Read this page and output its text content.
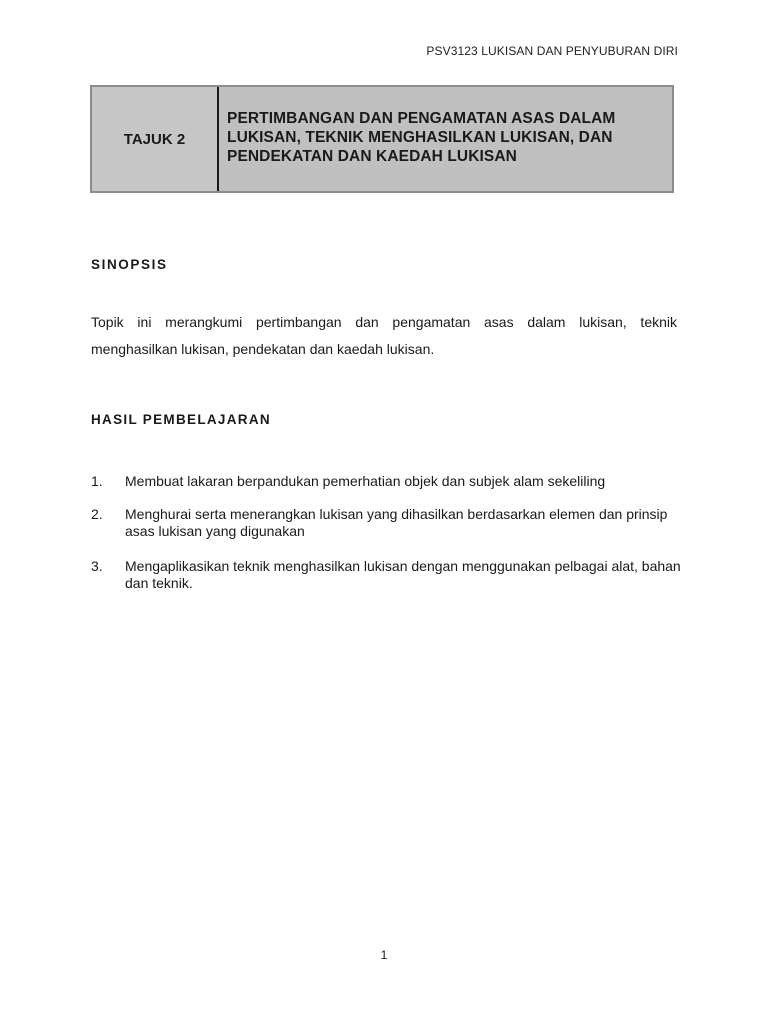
PSV3123 LUKISAN DAN PENYUBURAN DIRI
TAJUK 2
PERTIMBANGAN DAN PENGAMATAN ASAS DALAM LUKISAN, TEKNIK MENGHASILKAN LUKISAN, DAN PENDEKATAN DAN KAEDAH LUKISAN
SINOPSIS
Topik ini merangkumi pertimbangan dan pengamatan asas dalam lukisan, teknik menghasilkan lukisan, pendekatan dan kaedah lukisan.
HASIL PEMBELAJARAN
1.	Membuat lakaran berpandukan pemerhatian objek dan subjek alam sekeliling
2.	Menghurai serta menerangkan lukisan yang dihasilkan berdasarkan elemen dan prinsip asas lukisan yang digunakan
3.	Mengaplikasikan teknik menghasilkan lukisan dengan menggunakan pelbagai alat, bahan dan teknik.
1
